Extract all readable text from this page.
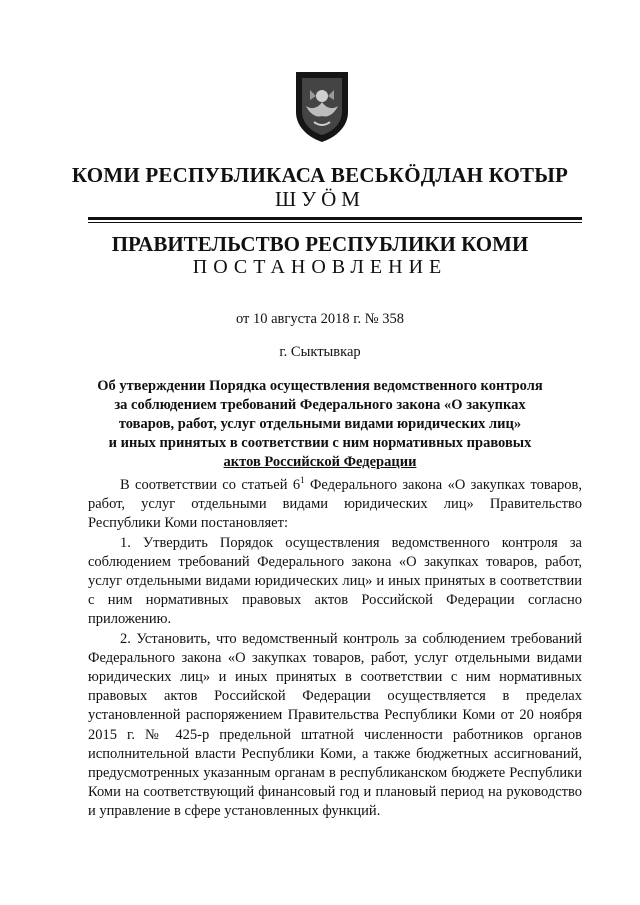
КОМИ РЕСПУБЛИКАСА ВЕСЬКӦДЛАН КОТЫР
ШУÖМ
ПРАВИТЕЛЬСТВО РЕСПУБЛИКИ КОМИ
ПОСТАНОВЛЕНИЕ
от 10 августа 2018 г. № 358
г. Сыктывкар
Об утверждении Порядка осуществления ведомственного контроля
за соблюдением требований Федерального закона «О закупках
товаров, работ, услуг отдельными видами юридических лиц»
и иных принятых в соответствии с ним нормативных правовых
актов Российской Федерации

В соответствии со статьей $6^1$ Федерального закона «О закупках товаров, работ, услуг отдельными видами юридических лиц» Правительство Республики Коми постановляет:

1. Утвердить Порядок осуществления ведомственного контроля за соблюдением требований Федерального закона «О закупках товаров, работ, услуг отдельными видами юридических лиц» и иных принятых в соответствии с ним нормативных правовых актов Российской Федерации согласно приложению.

2. Установить, что ведомственный контроль за соблюдением требований Федерального закона «О закупках товаров, работ, услуг отдельными видами юридических лиц» и иных принятых в соответствии с ним нормативных правовых актов Российской Федерации осуществляется в пределах установленной распоряжением Правительства Республики Коми от 20 ноября 2015 г. № 425-р предельной штатной численности работников органов исполнительной власти Республики Коми, а также бюджетных ассигнований, предусмотренных указанным органам в республиканском бюджете Республики Коми на соответствующий финансовый год и плановый период на руководство и управление в сфере установленных функций.
